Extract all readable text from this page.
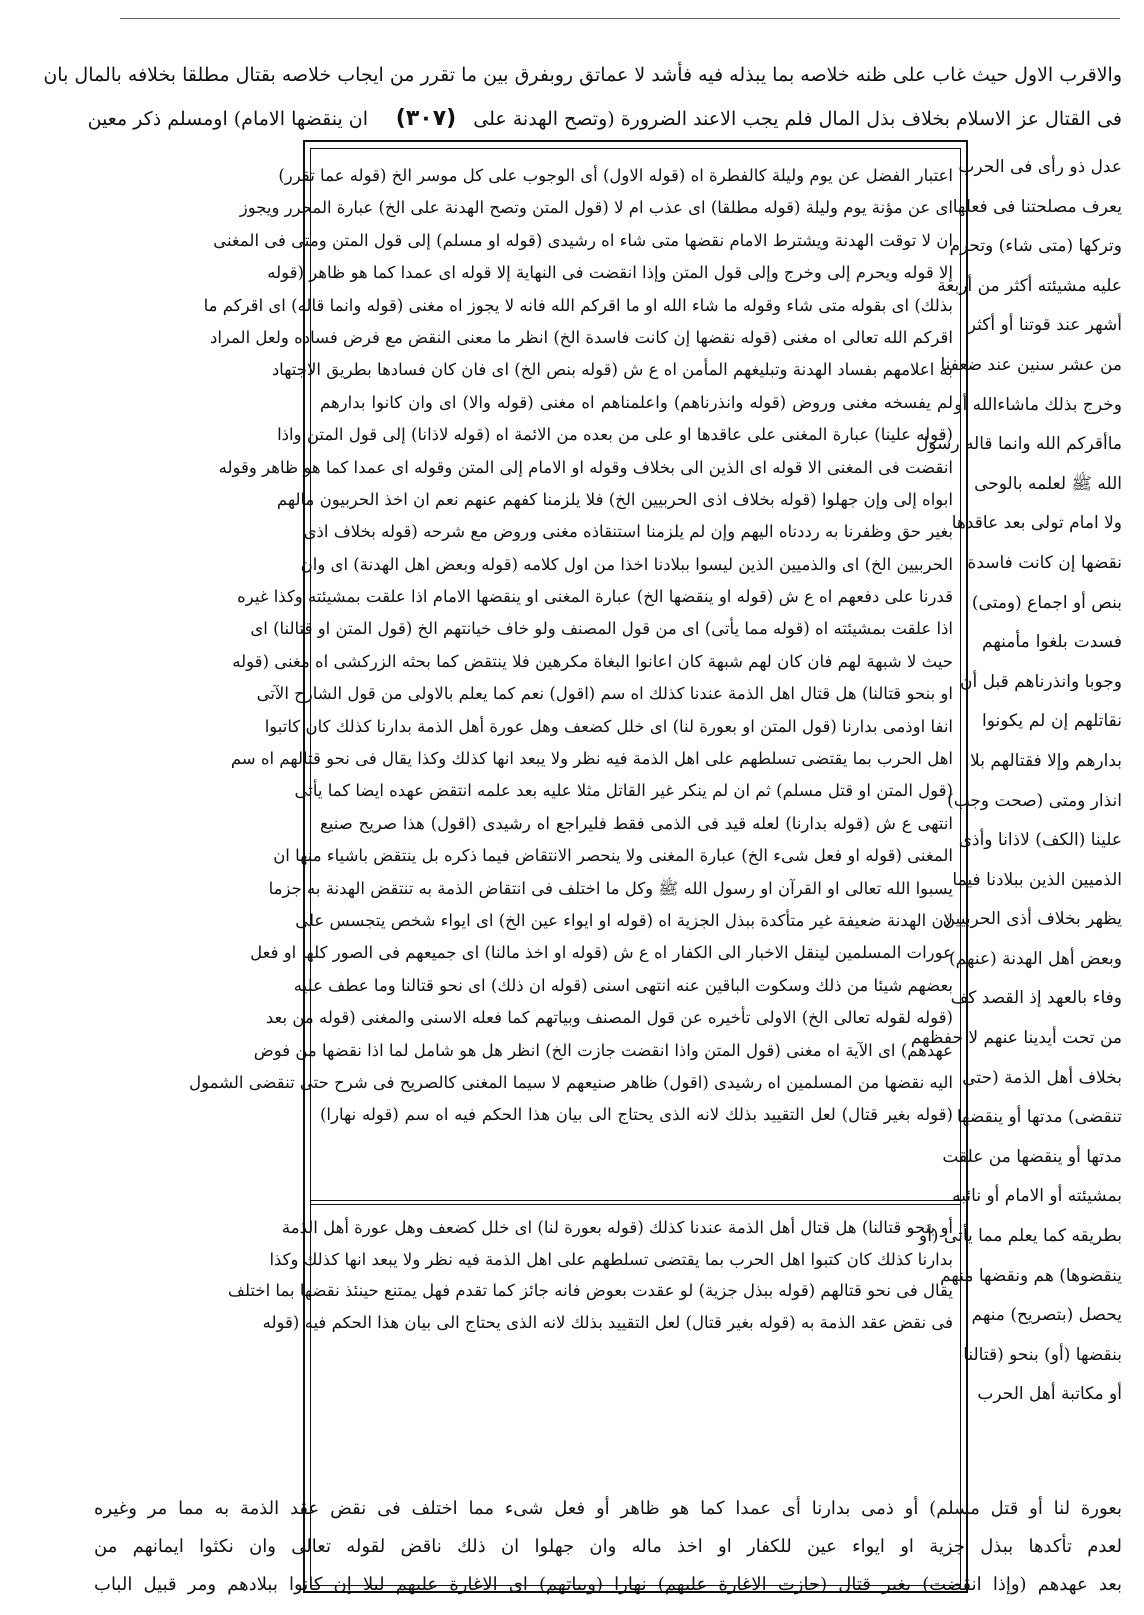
والاقرب الاول حيث غاب على ظنه خلاصه بما يبذله فيه فأشد لا عماتق روبفرق بين ما تقرر من ايجاب خلاصه بقتال مطلقا بخلافه بالمال بان
فى القتال عز الاسلام بخلاف بذل المال فلم يجب الاعند الضرورة (وتصح الهدنة على
ان ينقضها الامام) اومسلم ذكر معين	(٣٠٧)
عدل ذو رأى فى الحرب
يعرف مصلحتنا فى فعلها
وتركها (متى شاء) وتحرم
عليه مشيئته أكثر من أربعة
أشهر عند قوتنا أو أكثر
من عشر سنين عند ضعفنا
وخرج بذلك ماشاءالله أو
ماأقركم الله وانما قاله رسول
الله ﷺ لعلمه بالوحى
ولا امام تولى بعد عاقدها
نقضها إن كانت فاسدة
بنص أو اجماع (ومتى)
فسدت بلغوا مأمنهم
وجوبا وانذرناهم قبل أن
نقاتلهم إن لم يكونوا
بدارهم وإلا فقتالهم بلا
انذار ومتى (صحت وجب)
علينا (الكف) لاذانا وأذى
الذميين الذين ببلادنا فيما
يظهر بخلاف أذى الحربيين
وبعض أهل الهدنة (عنهم)
وفاء بالعهد إذ القصد كف
من تحت أيدينا عنهم لا حفظهم
بخلاف أهل الذمة (حتى
تنقضى) مدتها أو ينقضها
مدتها أو ينقضها من علقت
بمشيئته أو الامام أو نائبه
بطريقه كما يعلم مما يأتى (أو
ينقضوها) هم ونقضها منهم
يحصل (بتصريح) منهم
بنقضها (أو) بنحو (قتالنا
أو مكاتبة أهل الحرب
اعتبار الفضل عن يوم وليلة كالفطرة اه (قوله الاول) أى الوجوب على كل موسر الخ (قوله عما تقرر)
اى عن مؤنة يوم وليلة (قوله مطلقا) اى عذب ام لا (قول المتن وتصح الهدنة على الخ) عبارة المحرر ويجوز
ان لا توقت الهدنة ويشترط الامام نقضها متى شاء اه رشيدى (قوله او مسلم) إلى قول المتن ومتى فى المغنى
إلا قوله ويحرم إلى وخرج وإلى قول المتن وإذا انقضت فى النهاية إلا قوله اى عمدا كما هو ظاهر (قوله
بذلك) اى بقوله متى شاء وقوله ما شاء الله او ما اقركم الله فانه لا يجوز اه مغنى (قوله وانما قاله) اى اقركم ما
اقركم الله تعالى اه مغنى (قوله نقضها إن كانت فاسدة الخ) انظر ما معنى النقض مع فرض فساده ولعل المراد
به اعلامهم بفساد الهدنة وتبليغهم المأمن اه ع ش (قوله بنص الخ) اى فان كان فسادها بطريق الاجتهاد
لم يفسخه مغنى وروض (قوله وانذرناهم) واعلمناهم اه مغنى (قوله والا) اى وان كانوا بدارهم
(قوله علينا) عبارة المغنى على عاقدها او على من بعده من الائمة اه (قوله لاذانا) إلى قول المتن واذا
انقضت فى المغنى الا قوله اى الذين الى بخلاف وقوله او الامام إلى المتن وقوله اى عمدا كما هو ظاهر وقوله
ابواه إلى وإن جهلوا (قوله بخلاف اذى الحربيين الخ) فلا يلزمنا كفهم عنهم نعم ان اخذ الحربيون مالهم
بغير حق وظفرنا به رددناه اليهم وإن لم يلزمنا استنقاذه مغنى وروض مع شرحه (قوله بخلاف اذى
الحربيين الخ) اى والذميين الذين ليسوا ببلادنا اخذا من اول كلامه (قوله وبعض اهل الهدنة) اى وان
قدرنا على دفعهم اه ع ش (قوله او ينقضها الخ) عبارة المغنى او ينقضها الامام اذا علقت بمشيئته وكذا غيره
اذا علقت بمشيئته اه (قوله مما يأتى) اى من قول المصنف ولو خاف خيانتهم الخ (قول المتن او قتالنا) اى
حيث لا شبهة لهم فان كان لهم شبهة كان اعانوا البغاة مكرهين فلا ينتقض كما بحثه الزركشى اه مغنى (قوله
او بنحو قتالنا) هل قتال اهل الذمة عندنا كذلك اه سم (اقول) نعم كما يعلم بالاولى من قول الشارح الآتى
انفا اوذمى بدارنا (قول المتن او بعورة لنا) اى خلل كضعف وهل عورة أهل الذمة بدارنا كذلك كان كاتبوا
اهل الحرب بما يقتضى تسلطهم على اهل الذمة فيه نظر ولا يبعد انها كذلك وكذا يقال فى نحو قتالهم اه سم
(قول المتن او قتل مسلم) ثم ان لم ينكر غير القاتل مثلا عليه بعد علمه انتقض عهده ايضا كما يأتى
انتهى ع ش (قوله بدارنا) لعله قيد فى الذمى فقط فليراجع اه رشيدى (اقول) هذا صريح صنيع
المغنى (قوله او فعل شىء الخ) عبارة المغنى ولا ينحصر الانتقاض فيما ذكره بل ينتقض باشياء منها ان
يسبوا الله تعالى او القرآن او رسول الله ﷺ وكل ما اختلف فى انتقاض الذمة به تنتقض الهدنة به جزما
لان الهدنة ضعيفة غير متأكدة ببذل الجزية اه (قوله او ايواء عين الخ) اى ايواء شخص يتجسس على
عورات المسلمين لينقل الاخبار الى الكفار اه ع ش (قوله او اخذ مالنا) اى جميعهم فى الصور كلها او فعل
بعضهم شيئا من ذلك وسكوت الباقين عنه انتهى اسنى (قوله ان ذلك) اى نحو قتالنا وما عطف عليه
(قوله لقوله تعالى الخ) الاولى تأخيره عن قول المصنف وبياتهم كما فعله الاسنى والمغنى (قوله من بعد
عهدهم) اى الآية اه مغنى (قول المتن واذا انقضت جازت الخ) انظر هل هو شامل لما اذا نقضها من فوض
اليه نقضها من المسلمين اه رشيدى (اقول) ظاهر صنيعهم لا سيما المغنى كالصريح فى شرح حتى تنقضى الشمول
(قوله بغير قتال) لعل التقييد بذلك لانه الذى يحتاج الى بيان هذا الحكم فيه اه سم (قوله نهارا)
أو بنحو قتالنا) هل قتال أهل الذمة عندنا كذلك (قوله بعورة لنا) اى خلل كضعف وهل عورة أهل الذمة
بدارنا كذلك كان كتبوا اهل الحرب بما يقتضى تسلطهم على اهل الذمة فيه نظر ولا يبعد انها كذلك وكذا
يقال فى نحو قتالهم (قوله ببذل جزية) لو عقدت بعوض فانه جائز كما تقدم فهل يمتنع حينئذ نقضها بما اختلف
فى نقض عقد الذمة به (قوله بغير قتال) لعل التقييد بذلك لانه الذى يحتاج الى بيان هذا الحكم فيه (قوله
بعورة لنا أو قتل مسلم) أو ذمى بدارنا أى عمدا كما هو ظاهر أو فعل شىء مما اختلف فى نقض عقد الذمة به مما مر وغيره
لعدم تأكدها ببذل جزية او ايواء عين للكفار او اخذ ماله وان جهلوا ان ذلك ناقض لقوله تعالى وان نكثوا ايمانهم من
بعد عهدهم (وإذا انقضت) بغير قتال (جازت الاغارة عليهم) نهارا (وبياتهم) اى الاغارة عليهم ليلا إن كانوا ببلادهم ومر قبيل الباب
